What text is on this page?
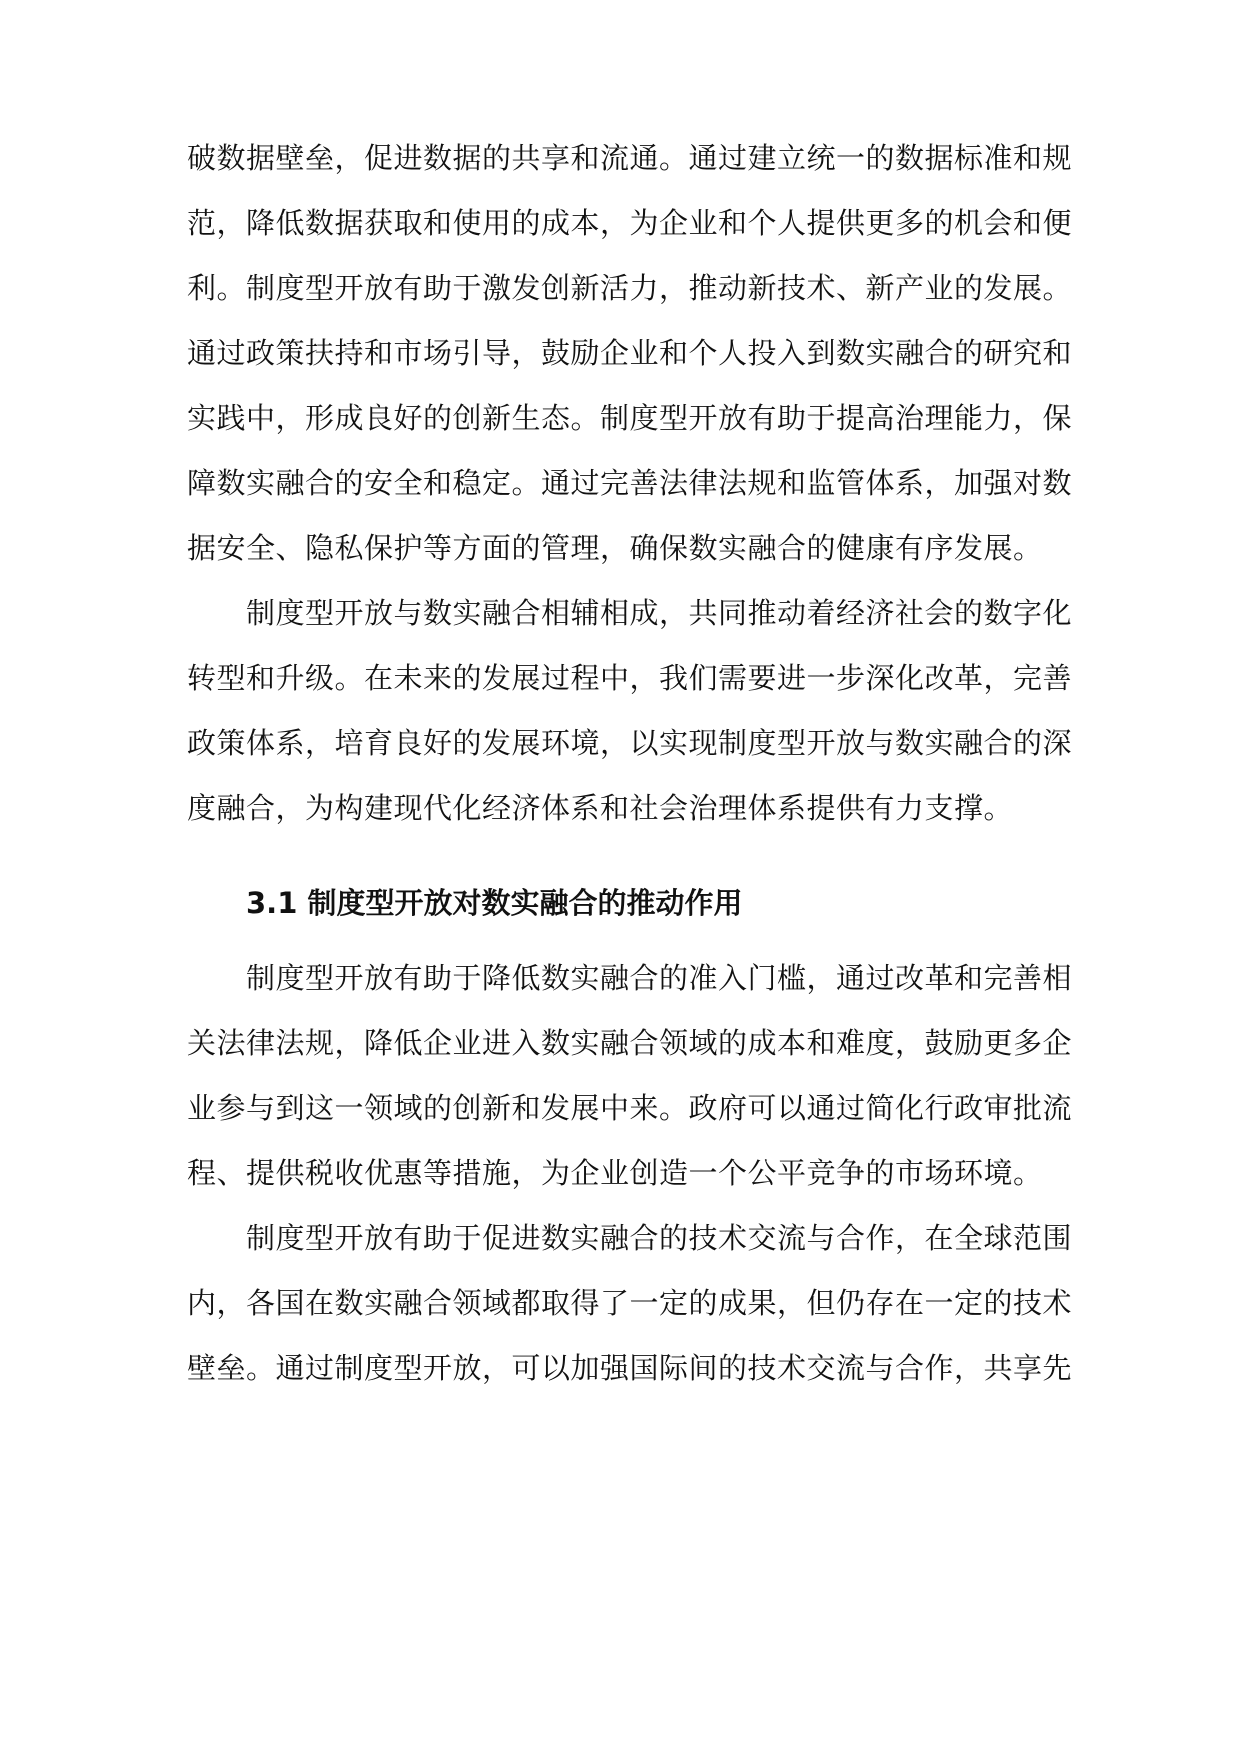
破数据壁垒，促进数据的共享和流通。通过建立统一的数据标准和规
范，降低数据获取和使用的成本，为企业和个人提供更多的机会和便
利。制度型开放有助于激发创新活力，推动新技术、新产业的发展。
通过政策扶持和市场引导，鼓励企业和个人投入到数实融合的研究和
实践中，形成良好的创新生态。制度型开放有助于提高治理能力，保
障数实融合的安全和稳定。通过完善法律法规和监管体系，加强对数
据安全、隐私保护等方面的管理，确保数实融合的健康有序发展。
　　制度型开放与数实融合相辅相成，共同推动着经济社会的数字化
转型和升级。在未来的发展过程中，我们需要进一步深化改革，完善
政策体系，培育良好的发展环境，以实现制度型开放与数实融合的深
度融合，为构建现代化经济体系和社会治理体系提供有力支撑。
3.1 制度型开放对数实融合的推动作用
　　制度型开放有助于降低数实融合的准入门槛，通过改革和完善相
关法律法规，降低企业进入数实融合领域的成本和难度，鼓励更多企
业参与到这一领域的创新和发展中来。政府可以通过简化行政审批流
程、提供税收优惠等措施，为企业创造一个公平竞争的市场环境。
　　制度型开放有助于促进数实融合的技术交流与合作，在全球范围
内，各国在数实融合领域都取得了一定的成果，但仍存在一定的技术
壁垒。通过制度型开放，可以加强国际间的技术交流与合作，共享先
